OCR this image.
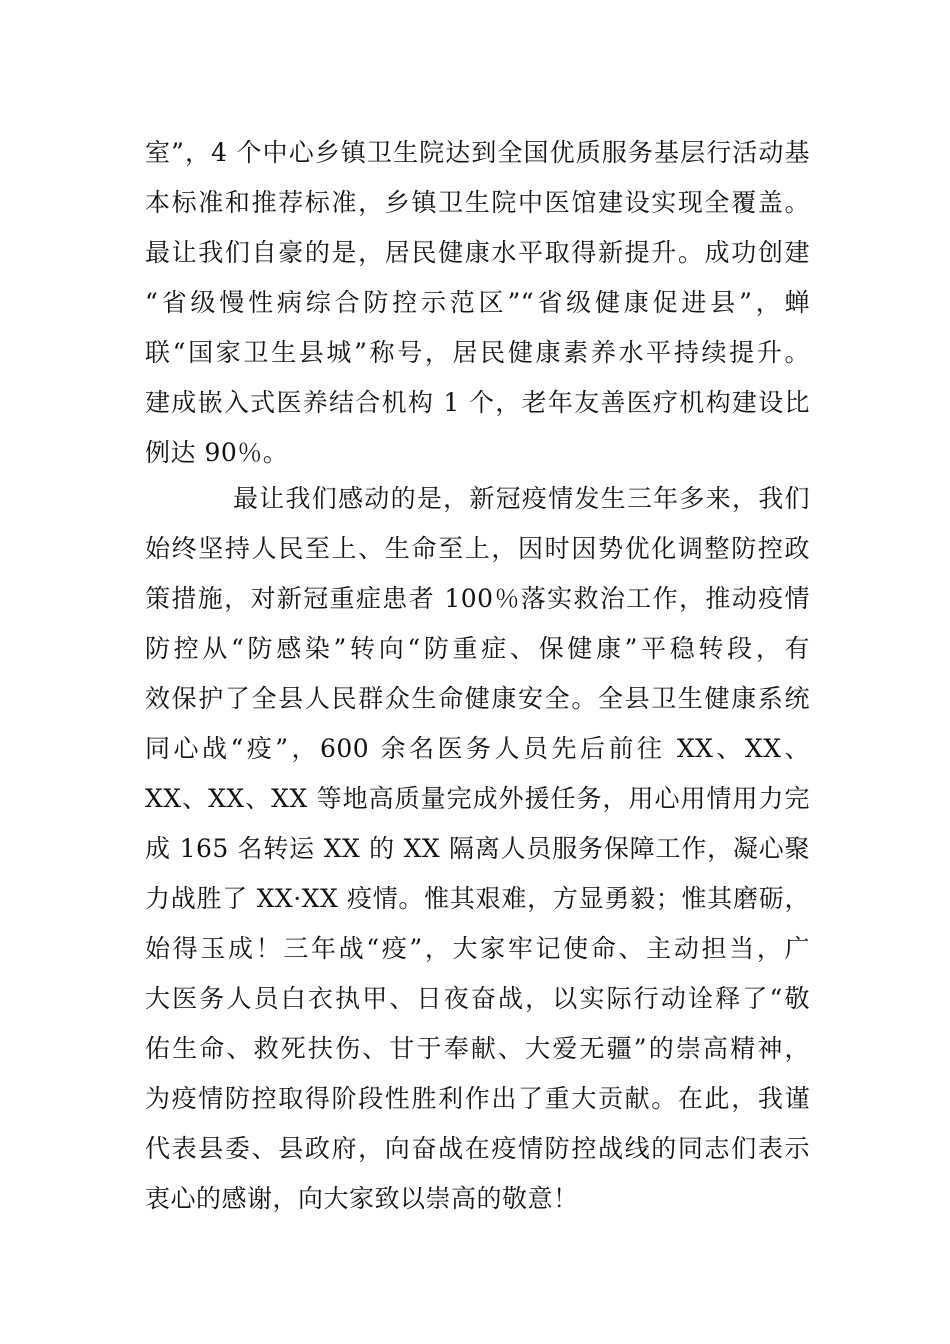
室”，4 个中心乡镇卫生院达到全国优质服务基层行活动基
本标准和推荐标准，乡镇卫生院中医馆建设实现全覆盖。
最让我们自豪的是，居民健康水平取得新提升。成功创建
“省级慢性病综合防控示范区”“省级健康促进县”，蝉
联“国家卫生县城”称号，居民健康素养水平持续提升。
建成嵌入式医养结合机构 1 个，老年友善医疗机构建设比
例达 90％。
最让我们感动的是，新冠疫情发生三年多来，我们
始终坚持人民至上、生命至上，因时因势优化调整防控政
策措施，对新冠重症患者 100％落实救治工作，推动疫情
防控从“防感染”转向“防重症、保健康”平稳转段，有
效保护了全县人民群众生命健康安全。全县卫生健康系统
同心战“疫”，600 余名医务人员先后前往 XX、XX、
XX、XX、XX 等地高质量完成外援任务，用心用情用力完
成 165 名转运 XX 的 XX 隔离人员服务保障工作，凝心聚
力战胜了 XX·XX 疫情。惟其艰难，方显勇毅；惟其磨砺，
始得玉成！三年战“疫”，大家牢记使命、主动担当，广
大医务人员白衣执甲、日夜奋战，以实际行动诠释了“敬
佑生命、救死扶伤、甘于奉献、大爱无疆”的崇高精神，
为疫情防控取得阶段性胜利作出了重大贡献。在此，我谨
代表县委、县政府，向奋战在疫情防控战线的同志们表示
衷心的感谢，向大家致以崇高的敬意！
